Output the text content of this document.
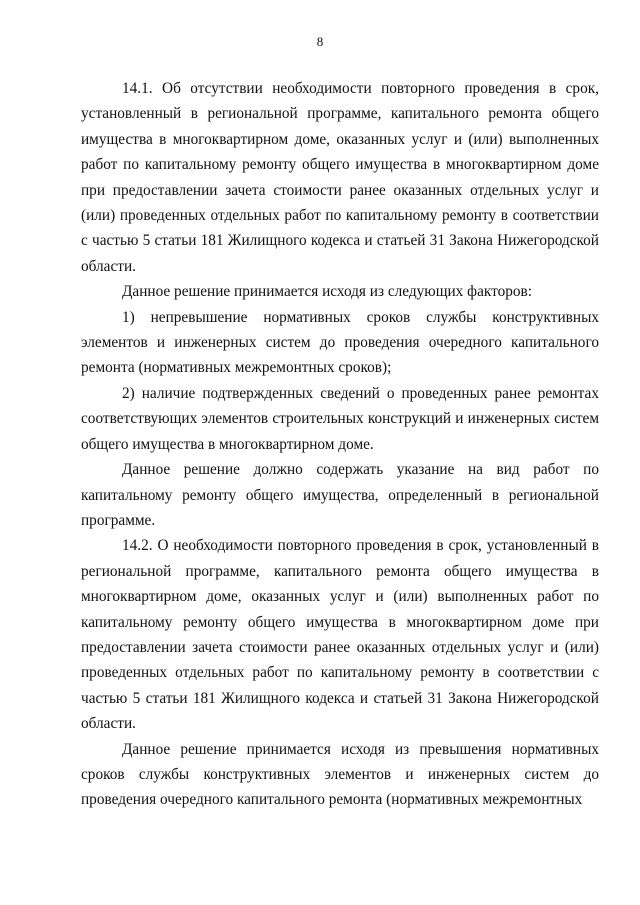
8

14.1. Об отсутствии необходимости повторного проведения в срок, установленный в региональной программе, капитального ремонта общего имущества в многоквартирном доме, оказанных услуг и (или) выполненных работ по капитальному ремонту общего имущества в многоквартирном доме при предоставлении зачета стоимости ранее оказанных отдельных услуг и (или) проведенных отдельных работ по капитальному ремонту в соответствии с частью 5 статьи 181 Жилищного кодекса и статьей 31 Закона Нижегородской области.

Данное решение принимается исходя из следующих факторов:

1) непревышение нормативных сроков службы конструктивных элементов и инженерных систем до проведения очередного капитального ремонта (нормативных межремонтных сроков);

2) наличие подтвержденных сведений о проведенных ранее ремонтах соответствующих элементов строительных конструкций и инженерных систем общего имущества в многоквартирном доме.

Данное решение должно содержать указание на вид работ по капитальному ремонту общего имущества, определенный в региональной программе.

14.2. О необходимости повторного проведения в срок, установленный в региональной программе, капитального ремонта общего имущества в многоквартирном доме, оказанных услуг и (или) выполненных работ по капитальному ремонту общего имущества в многоквартирном доме при предоставлении зачета стоимости ранее оказанных отдельных услуг и (или) проведенных отдельных работ по капитальному ремонту в соответствии с частью 5 статьи 181 Жилищного кодекса и статьей 31 Закона Нижегородской области.

Данное решение принимается исходя из превышения нормативных сроков службы конструктивных элементов и инженерных систем до проведения очередного капитального ремонта (нормативных межремонтных
